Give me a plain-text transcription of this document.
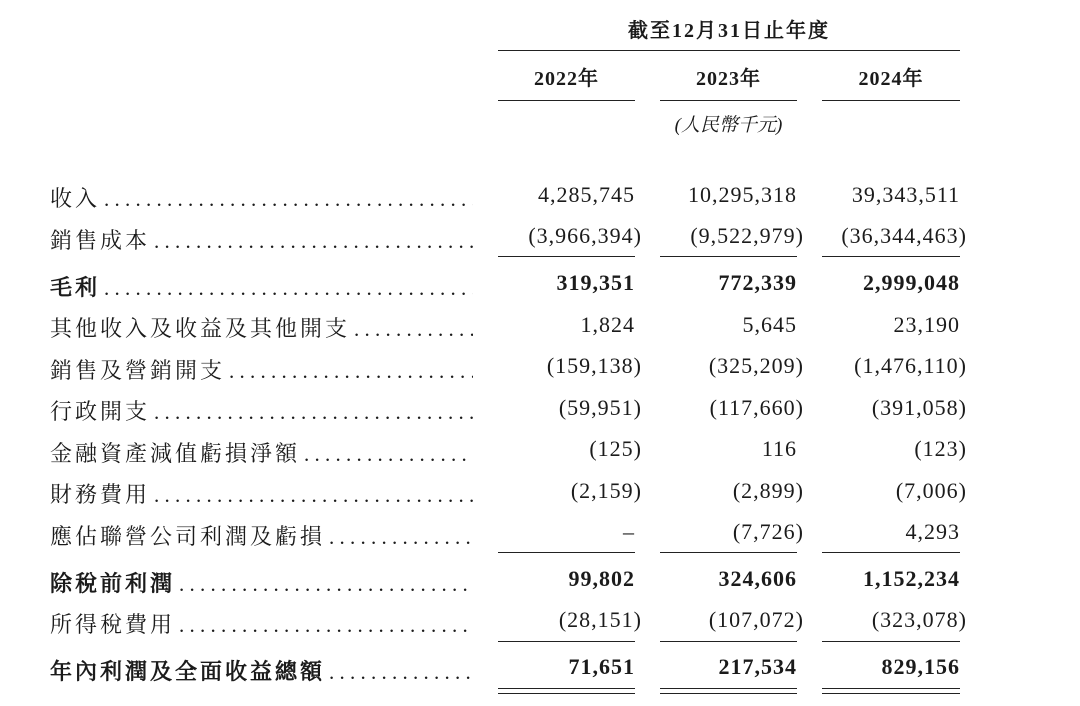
截至12月31日止年度
2022年	2023年	2024年
(人民幣千元)
收入 . . .	4,285,745 10,295,318 39,343,511
銷售成本 . . .	(3,966,394) (9,522,979) (36,344,463)
毛利 . . .	319,351	772,339	2,999,048
其他收入及收益及其他開支 . . .	1,824	5,645	23,190
銷售及營銷開支 . . .	(159,138)	(325,209) (1,476,110)
行政開支 . . .	(59,951)	(117,660)	(391,058)
金融資產減值虧損淨額 . . .	(125)	116	(123)
財務費用 . . .	(2,159)	(2,899)	(7,006)
應佔聯營公司利潤及虧損 . . .	–	(7,726)	4,293
除稅前利潤 . . .	99,802	324,606	1,152,234
所得稅費用 . . .	(28,151)	(107,072)	(323,078)
年內利潤及全面收益總額 . . .	71,651	217,534	829,156
